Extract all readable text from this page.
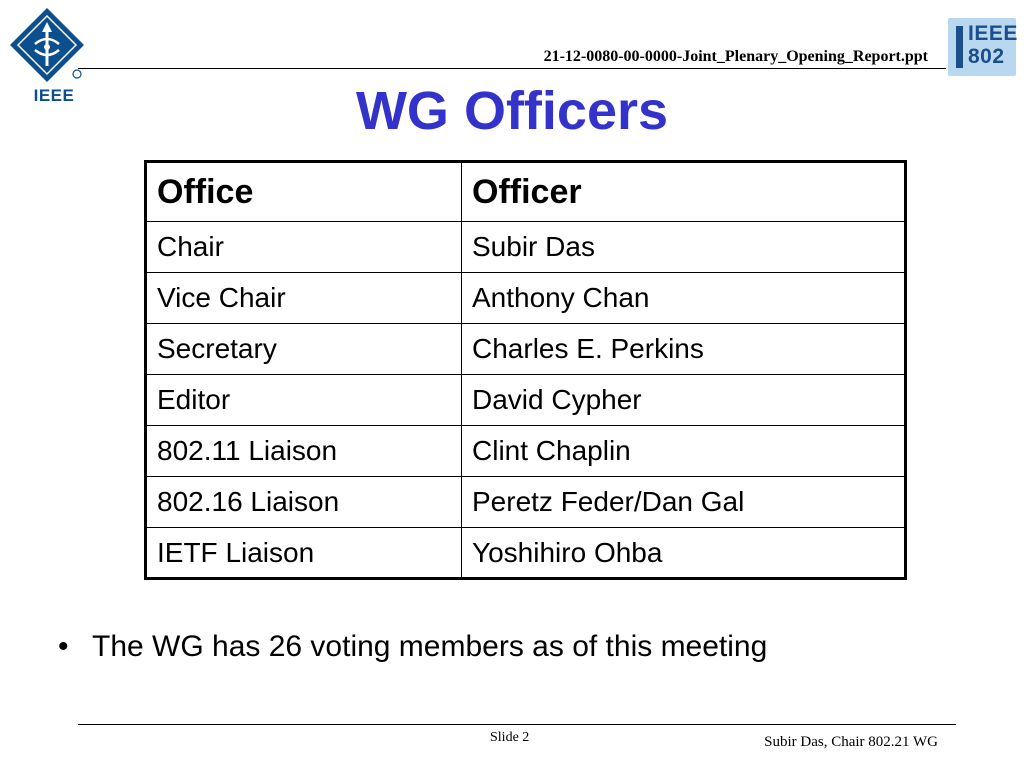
IEEE
21-12-0080-00-0000-Joint_Plenary_Opening_Report.ppt
IEEE
802
WG Officers
Office	Officer
Chair	Subir Das
Vice Chair	Anthony Chan
Secretary	Charles E. Perkins
Editor	David Cypher
802.11 Liaison	Clint Chaplin
802.16 Liaison	Peretz Feder/Dan Gal
IETF Liaison	Yoshihiro Ohba
• The WG has 26 voting members as of this meeting
Slide 2	Subir Das, Chair 802.21 WG
